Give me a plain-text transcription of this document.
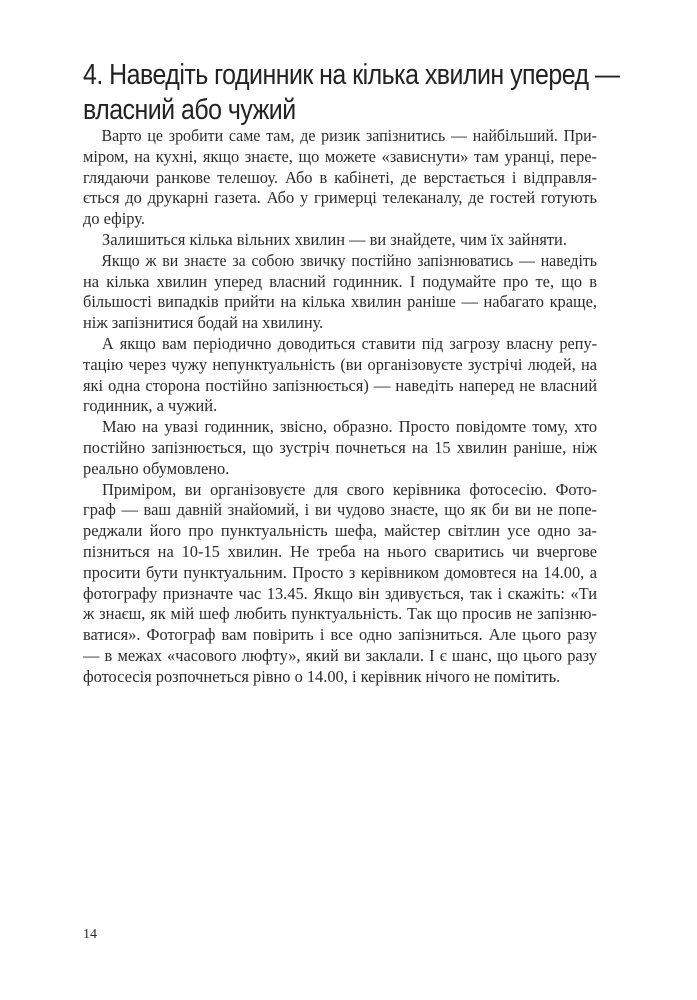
4. Наведіть годинник на кілька хвилин уперед —
власний або чужий

Варто це зробити саме там, де ризик запізнитись — найбільший. При-
міром, на кухні, якщо знаєте, що можете «зависнути» там уранці, пере-
глядаючи ранкове телешоу. Або в кабінеті, де верстається і відправля-
ється до друкарні газета. Або у гримерці телеканалу, де гостей готують
до ефіру.

Залишиться кілька вільних хвилин — ви знайдете, чим їх зайняти.

Якщо ж ви знаєте за собою звичку постійно запізнюватись — наведіть
на кілька хвилин уперед власний годинник. І подумайте про те, що в
більшості випадків прийти на кілька хвилин раніше — набагато краще,
ніж запізнитися бодай на хвилину.

А якщо вам періодично доводиться ставити під загрозу власну репу-
тацію через чужу непунктуальність (ви організовуєте зустрічі людей, на
які одна сторона постійно запізнюється) — наведіть наперед не власний
годинник, а чужий.

Маю на увазі годинник, звісно, образно. Просто повідомте тому, хто
постійно запізнюється, що зустріч почнеться на 15 хвилин раніше, ніж
реально обумовлено.

Приміром, ви організовуєте для свого керівника фотосесію. Фото-
граф — ваш давній знайомий, і ви чудово знаєте, що як би ви не попе-
реджали його про пунктуальність шефа, майстер світлин усе одно за-
пізниться на 10-15 хвилин. Не треба на нього сваритись чи вчергове
просити бути пунктуальним. Просто з керівником домовтеся на 14.00, а
фотографу призначте час 13.45. Якщо він здивується, так і скажіть: «Ти
ж знаєш, як мій шеф любить пунктуальність. Так що просив не запізню-
ватися». Фотограф вам повірить і все одно запізниться. Але цього разу
— в межах «часового люфту», який ви заклали. І є шанс, що цього разу
фотосесія розпочнеться рівно о 14.00, і керівник нічого не помітить.

14
